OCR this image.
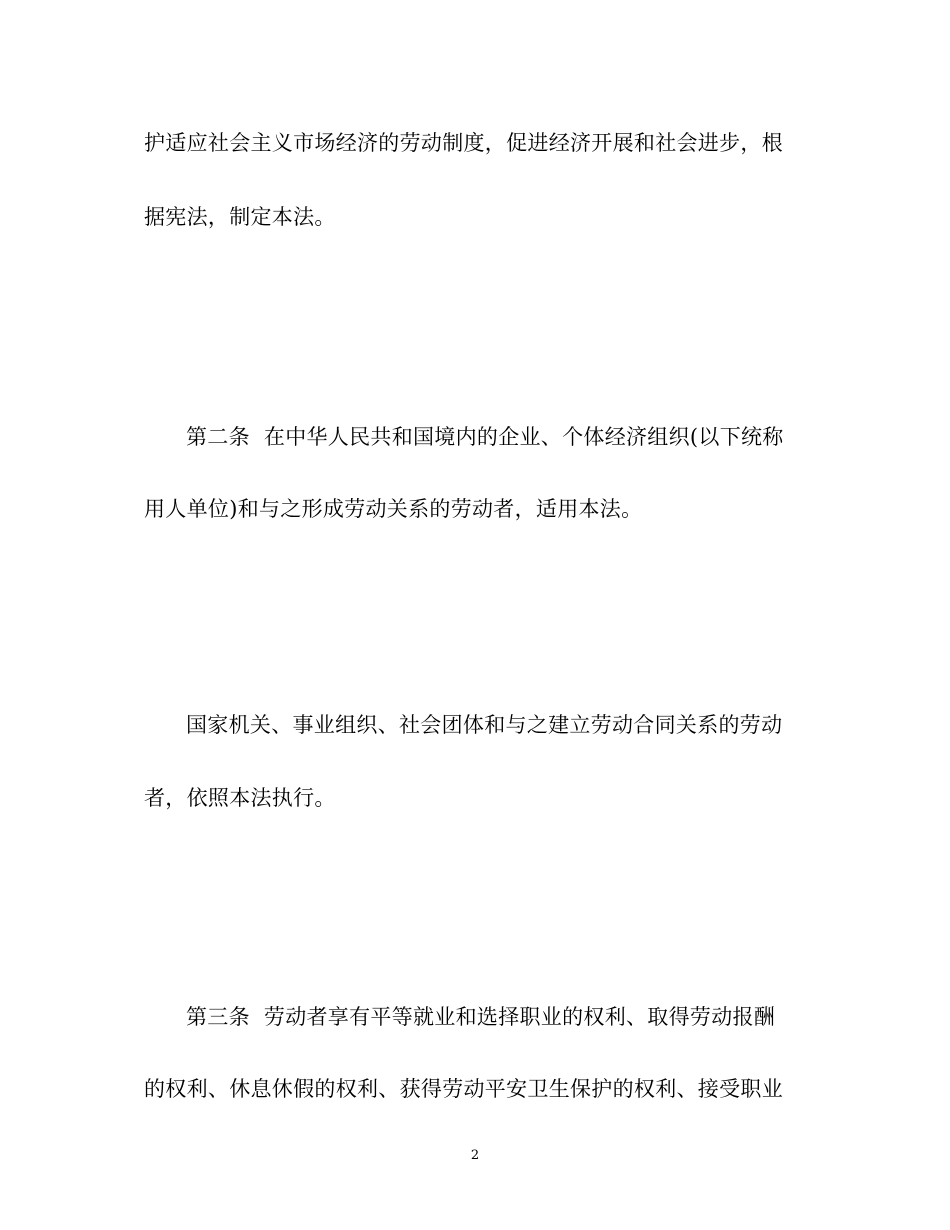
护适应社会主义市场经济的劳动制度，促进经济开展和社会进步，根
据宪法，制定本法。
第二条 在中华人民共和国境内的企业、个体经济组织(以下统称
用人单位)和与之形成劳动关系的劳动者，适用本法。
国家机关、事业组织、社会团体和与之建立劳动合同关系的劳动
者，依照本法执行。
第三条 劳动者享有平等就业和选择职业的权利、取得劳动报酬
的权利、休息休假的权利、获得劳动平安卫生保护的权利、接受职业
2
